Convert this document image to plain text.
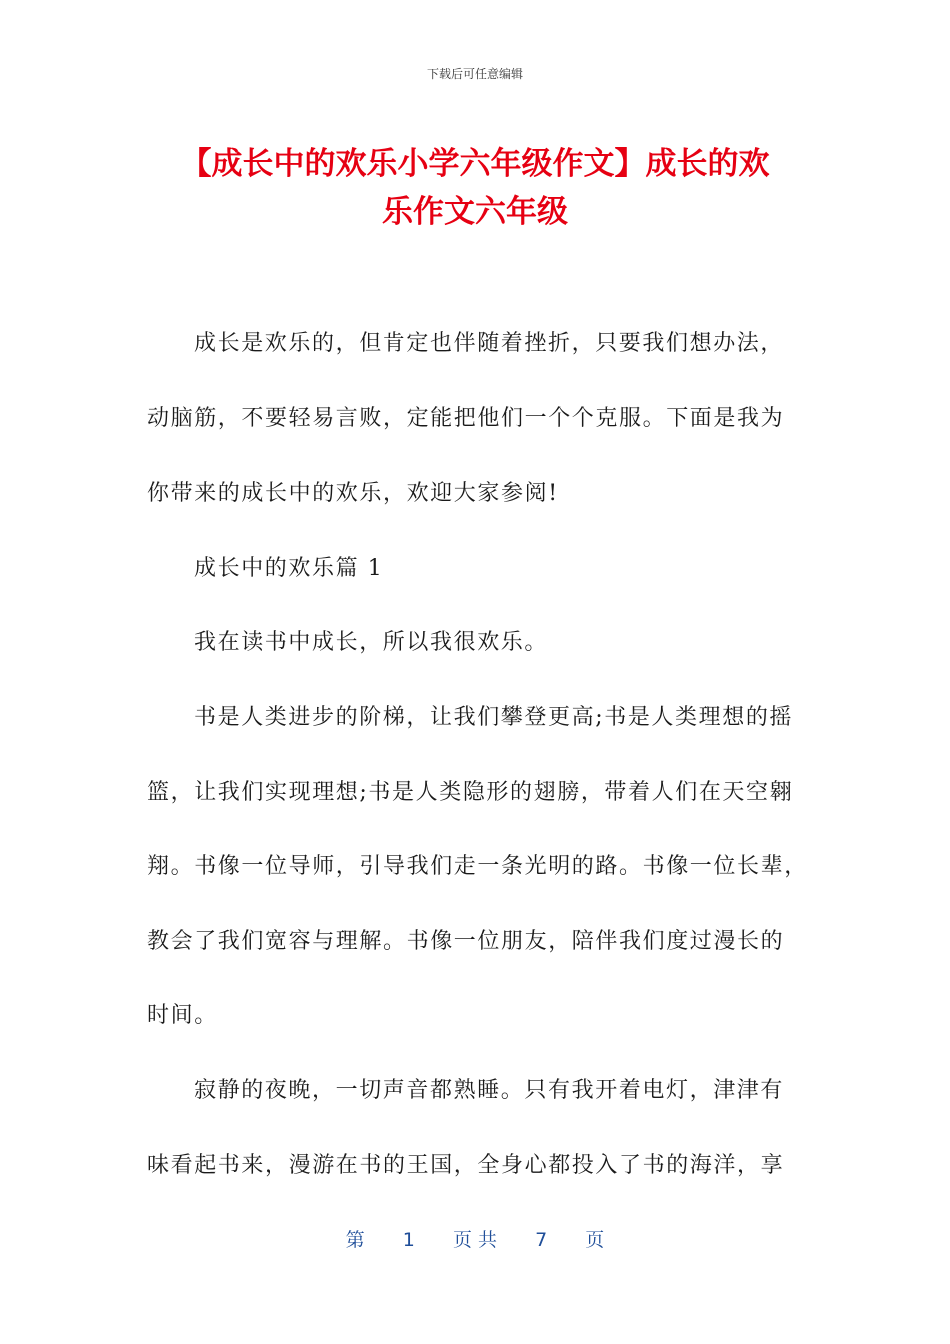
下载后可任意编辑
【成长中的欢乐小学六年级作文】成长的欢
乐作文六年级
成长是欢乐的，但肯定也伴随着挫折，只要我们想办法，
动脑筋，不要轻易言败，定能把他们一个个克服。下面是我为
你带来的成长中的欢乐，欢迎大家参阅!
成长中的欢乐篇 1
我在读书中成长，所以我很欢乐。
书是人类进步的阶梯，让我们攀登更高;书是人类理想的摇
篮，让我们实现理想;书是人类隐形的翅膀，带着人们在天空翱
翔。书像一位导师，引导我们走一条光明的路。书像一位长辈，
教会了我们宽容与理解。书像一位朋友，陪伴我们度过漫长的
时间。
寂静的夜晚，一切声音都熟睡。只有我开着电灯，津津有
味看起书来，漫游在书的王国，全身心都投入了书的海洋，享
第 1 页 共 7 页
